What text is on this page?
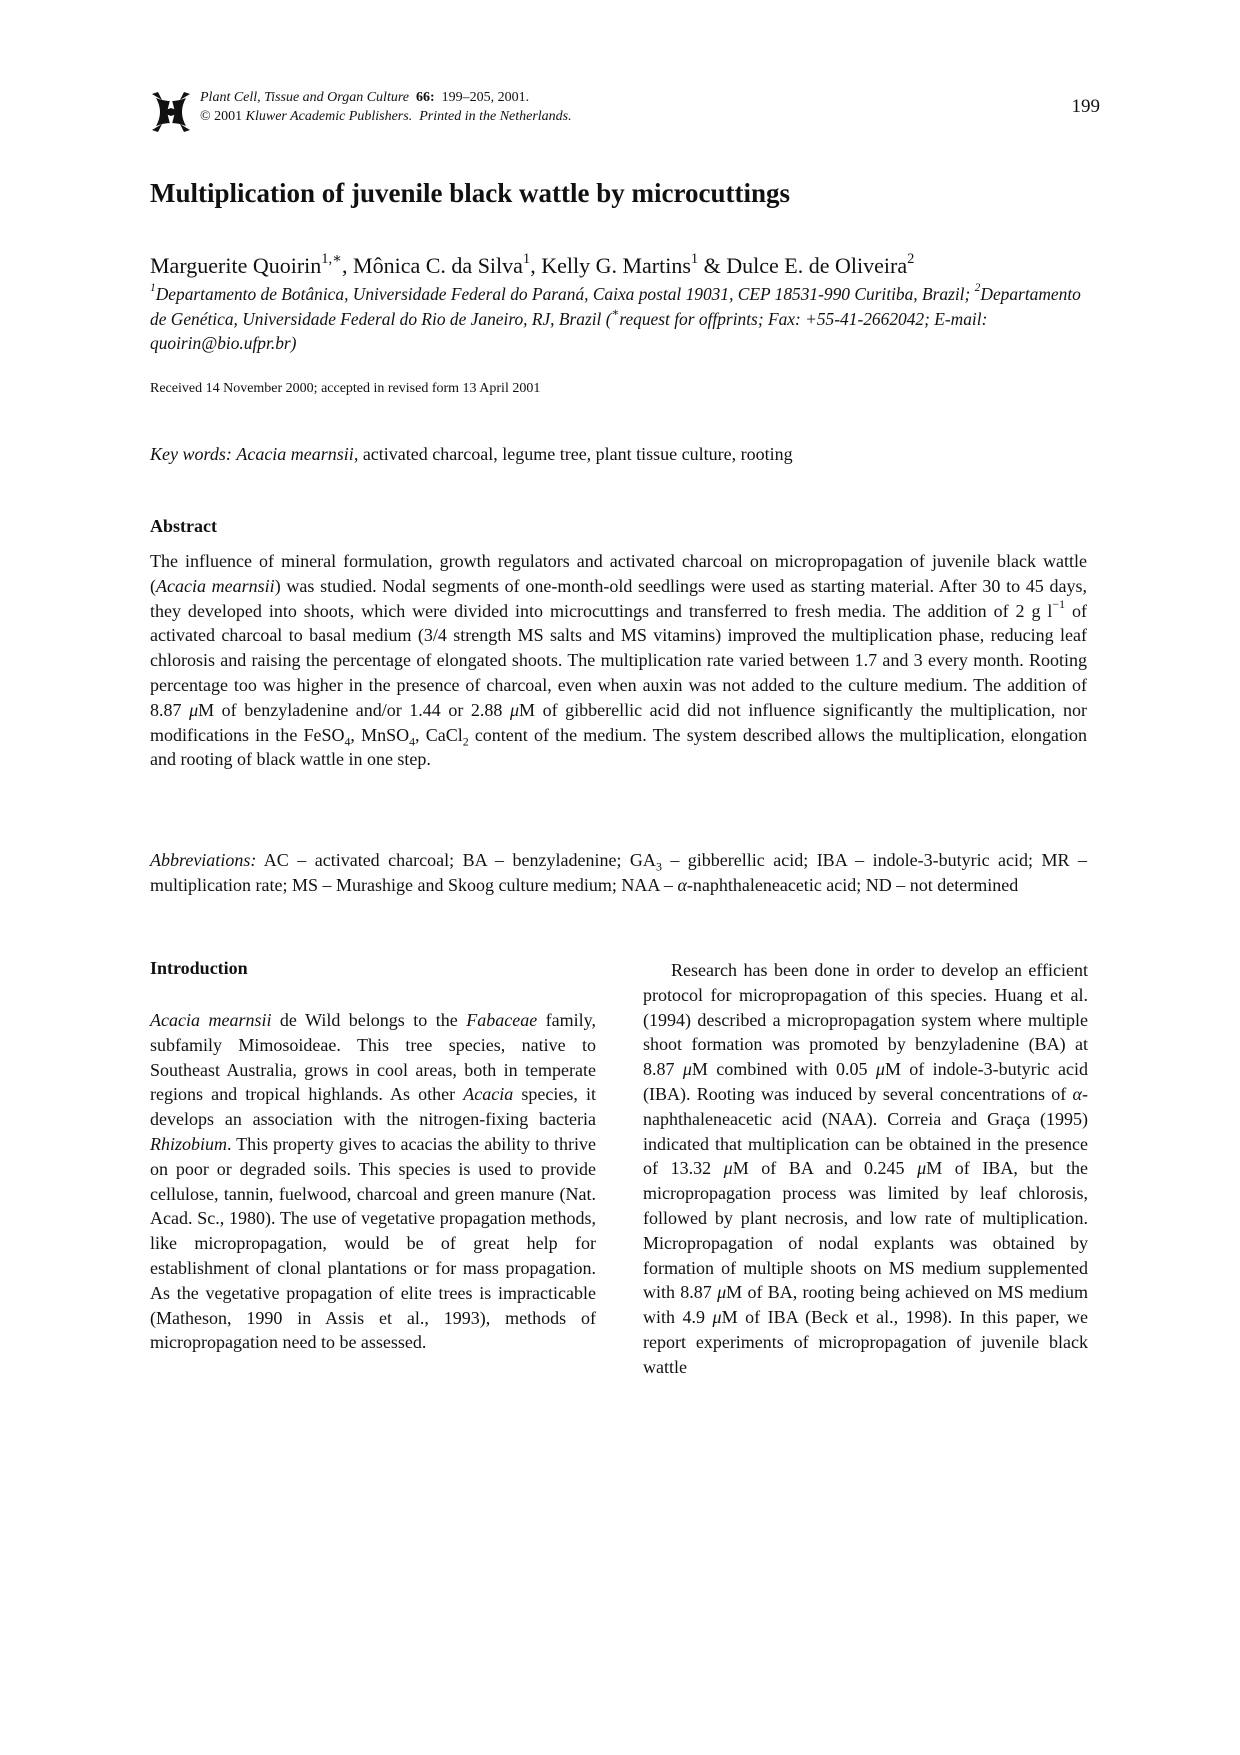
Plant Cell, Tissue and Organ Culture 66: 199–205, 2001.
© 2001 Kluwer Academic Publishers. Printed in the Netherlands.	199
Multiplication of juvenile black wattle by microcuttings
Marguerite Quoirin$^{1,∗}$, Mônica C. da Silva$^1$, Kelly G. Martins$^1$ & Dulce E. de Oliveira$^2$
$^1$Departamento de Botânica, Universidade Federal do Paraná, Caixa postal 19031, CEP 18531-990 Curitiba, Brazil; $^2$Departamento de Genética, Universidade Federal do Rio de Janeiro, RJ, Brazil (∗request for offprints; Fax: +55-41-2662042; E-mail: quoirin@bio.ufpr.br)
Received 14 November 2000; accepted in revised form 13 April 2001
Key words: Acacia mearnsii, activated charcoal, legume tree, plant tissue culture, rooting
Abstract

The influence of mineral formulation, growth regulators and activated charcoal on micropropagation of juvenile black wattle (Acacia mearnsii) was studied. Nodal segments of one-month-old seedlings were used as starting material. After 30 to 45 days, they developed into shoots, which were divided into microcuttings and transferred to fresh media. The addition of 2 g $l^{-1}$ of activated charcoal to basal medium (3/4 strength MS salts and MS vitamins) improved the multiplication phase, reducing leaf chlorosis and raising the percentage of elongated shoots. The multiplication rate varied between 1.7 and 3 every month. Rooting percentage too was higher in the presence of charcoal, even when auxin was not added to the culture medium. The addition of 8.87 μM of benzyladenine and/or 1.44 or 2.88 μM of gibberellic acid did not influence significantly the multiplication, nor modifications in the FeSO$_4$, MnSO$_4$, CaCl$_2$ content of the medium. The system described allows the multiplication, elongation and rooting of black wattle in one step.

Abbreviations: AC – activated charcoal; BA – benzyladenine; $GA_3$ – gibberellic acid; IBA – indole-3-butyric acid; MR – multiplication rate; MS – Murashige and Skoog culture medium; NAA – α-naphthaleneacetic acid; ND – not determined

Introduction

Acacia mearnsii de Wild belongs to the Fabaceae family, subfamily Mimosoideae. This tree species, native to Southeast Australia, grows in cool areas, both in temperate regions and tropical highlands. As other Acacia species, it develops an association with the nitrogen-fixing bacteria Rhizobium. This property gives to acacias the ability to thrive on poor or degraded soils. This species is used to provide cellulose, tannin, fuelwood, charcoal and green manure (Nat. Acad. Sc., 1980). The use of vegetative propagation methods, like micropropagation, would be of great help for establishment of clonal plantations or for mass propagation. As the vegetative propagation of elite trees is impracticable (Matheson, 1990 in Assis et al., 1993), methods of micropropagation need to be assessed.

Research has been done in order to develop an efficient protocol for micropropagation of this species. Huang et al. (1994) described a micropropagation system where multiple shoot formation was promoted by benzyladenine (BA) at 8.87 μM combined with 0.05 μM of indole-3-butyric acid (IBA). Rooting was induced by several concentrations of α-naphthaleneacetic acid (NAA). Correia and Graça (1995) indicated that multiplication can be obtained in the presence of 13.32 μM of BA and 0.245 μM of IBA, but the micropropagation process was limited by leaf chlorosis, followed by plant necrosis, and low rate of multiplication. Micropropagation of nodal explants was obtained by formation of multiple shoots on MS medium supplemented with 8.87 μM of BA, rooting being achieved on MS medium with 4.9 μM of IBA (Beck et al., 1998). In this paper, we report experiments of micropropagation of juvenile black wattle
